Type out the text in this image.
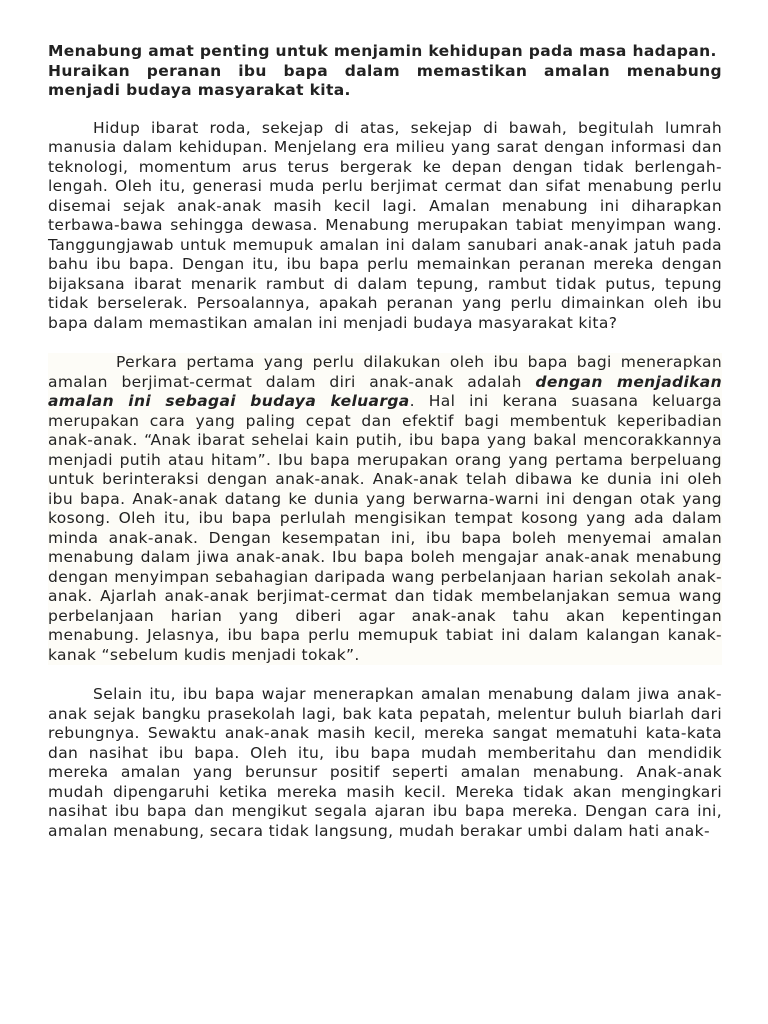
Menabung amat penting untuk menjamin kehidupan pada masa hadapan.
Huraikan peranan ibu bapa dalam memastikan amalan menabung menjadi budaya masyarakat kita.

Hidup ibarat roda, sekejap di atas, sekejap di bawah, begitulah lumrah manusia dalam kehidupan. Menjelang era milieu yang sarat dengan informasi dan teknologi, momentum arus terus bergerak ke depan dengan tidak berlengah-lengah. Oleh itu, generasi muda perlu berjimat cermat dan sifat menabung perlu disemai sejak anak-anak masih kecil lagi. Amalan menabung ini diharapkan terbawa-bawa sehingga dewasa. Menabung merupakan tabiat menyimpan wang. Tanggungjawab untuk memupuk amalan ini dalam sanubari anak-anak jatuh pada bahu ibu bapa. Dengan itu, ibu bapa perlu memainkan peranan mereka dengan bijaksana ibarat menarik rambut di dalam tepung, rambut tidak putus, tepung tidak berselerak. Persoalannya, apakah peranan yang perlu dimainkan oleh ibu bapa dalam memastikan amalan ini menjadi budaya masyarakat kita?

Perkara pertama yang perlu dilakukan oleh ibu bapa bagi menerapkan amalan berjimat-cermat dalam diri anak-anak adalah dengan menjadikan amalan ini sebagai budaya keluarga. Hal ini kerana suasana keluarga merupakan cara yang paling cepat dan efektif bagi membentuk keperibadian anak-anak. “Anak ibarat sehelai kain putih, ibu bapa yang bakal mencorakkannya menjadi putih atau hitam”. Ibu bapa merupakan orang yang pertama berpeluang untuk berinteraksi dengan anak-anak. Anak-anak telah dibawa ke dunia ini oleh ibu bapa. Anak-anak datang ke dunia yang berwarna-warni ini dengan otak yang kosong. Oleh itu, ibu bapa perlulah mengisikan tempat kosong yang ada dalam minda anak-anak. Dengan kesempatan ini, ibu bapa boleh menyemai amalan menabung dalam jiwa anak-anak. Ibu bapa boleh mengajar anak-anak menabung dengan menyimpan sebahagian daripada wang perbelanjaan harian sekolah anak-anak. Ajarlah anak-anak berjimat-cermat dan tidak membelanjakan semua wang perbelanjaan harian yang diberi agar anak-anak tahu akan kepentingan menabung. Jelasnya, ibu bapa perlu memupuk tabiat ini dalam kalangan kanak-kanak “sebelum kudis menjadi tokak”.

Selain itu, ibu bapa wajar menerapkan amalan menabung dalam jiwa anak-anak sejak bangku prasekolah lagi, bak kata pepatah, melentur buluh biarlah dari rebungnya. Sewaktu anak-anak masih kecil, mereka sangat mematuhi kata-kata dan nasihat ibu bapa. Oleh itu, ibu bapa mudah memberitahu dan mendidik mereka amalan yang berunsur positif seperti amalan menabung. Anak-anak mudah dipengaruhi ketika mereka masih kecil. Mereka tidak akan mengingkari nasihat ibu bapa dan mengikut segala ajaran ibu bapa mereka. Dengan cara ini, amalan menabung, secara tidak langsung, mudah berakar umbi dalam hati anak-
